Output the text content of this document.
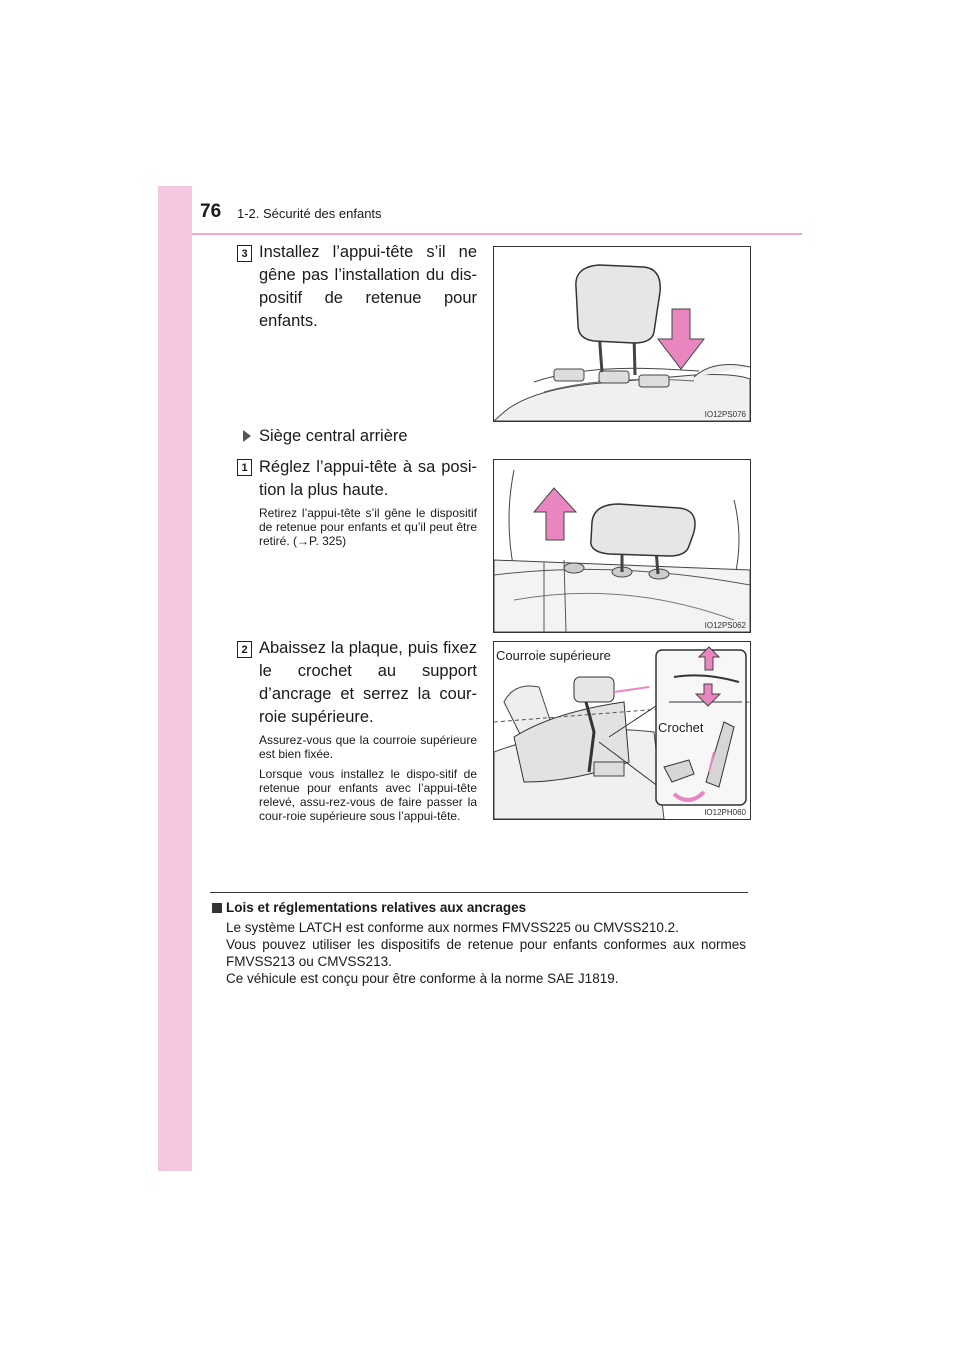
76 1-2. Sécurité des enfants
3 Installez l’appui-tête s’il ne gêne pas l’installation du dis-positif de retenue pour enfants.
IO12PS076
Siège central arrière
1 Réglez l’appui-tête à sa posi-tion la plus haute.
Retirez l’appui-tête s’il gêne le dispositif de retenue pour enfants et qu’il peut être retiré. (→P. 325)
IO12PS062
2 Abaissez la plaque, puis fixez le crochet au support d’ancrage et serrez la cour-roie supérieure.
Assurez-vous que la courroie supérieure est bien fixée.
Lorsque vous installez le dispo-sitif de retenue pour enfants avec l’appui-tête relevé, assu-rez-vous de faire passer la cour-roie supérieure sous l’appui-tête.
Courroie supérieure
Crochet
IO12PH060
Lois et réglementations relatives aux ancrages

Le système LATCH est conforme aux normes FMVSS225 ou CMVSS210.2.

Vous pouvez utiliser les dispositifs de retenue pour enfants conformes aux normes FMVSS213 ou CMVSS213.

Ce véhicule est conçu pour être conforme à la norme SAE J1819.
